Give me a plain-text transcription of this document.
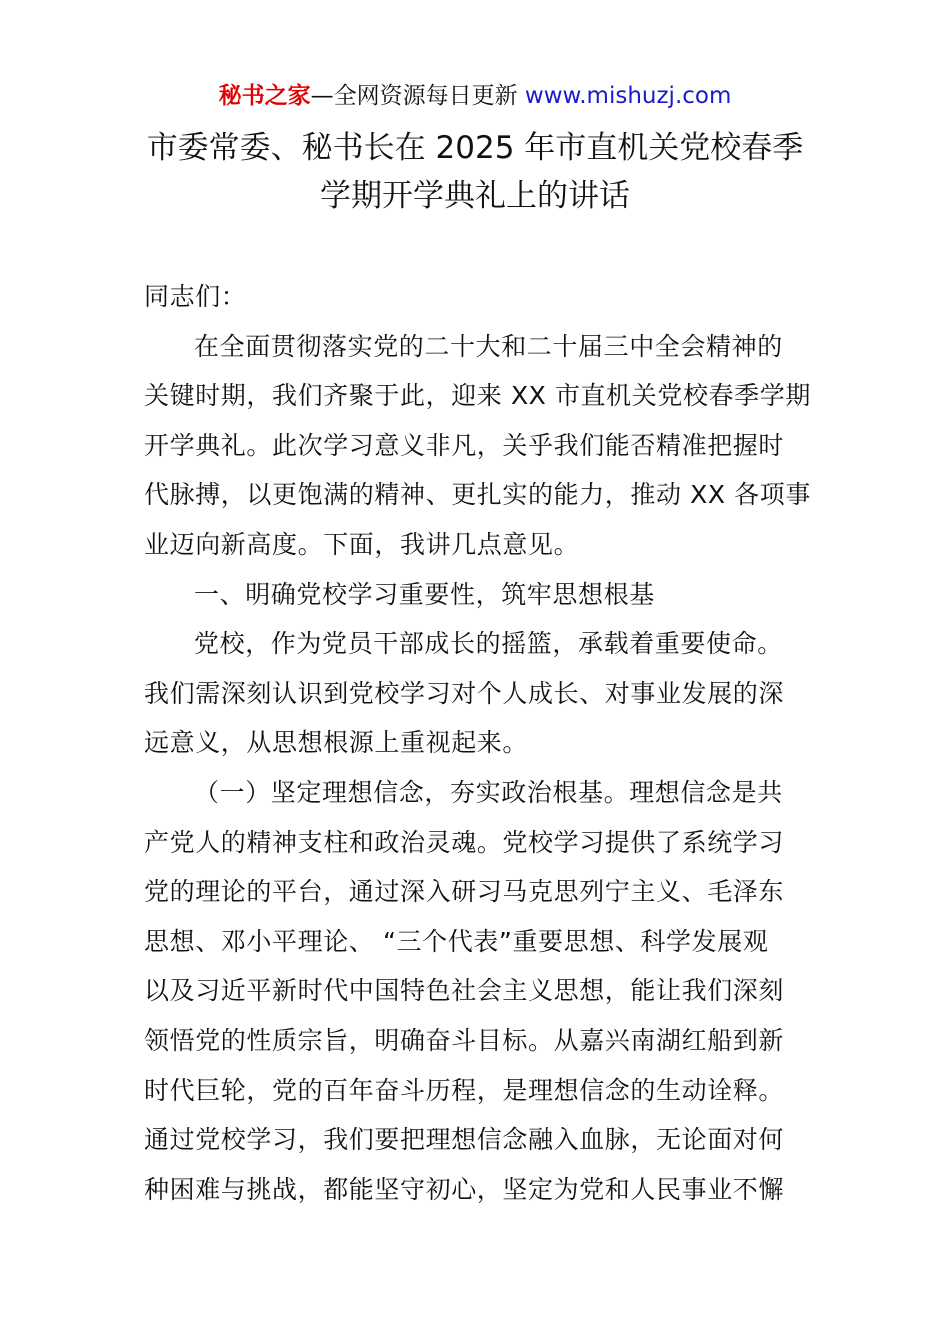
秘书之家—全网资源每日更新 www.mishuzj.com
市委常委、秘书长在 2025 年市直机关党校春季
学期开学典礼上的讲话
同志们：
在全面贯彻落实党的二十大和二十届三中全会精神的
关键时期，我们齐聚于此，迎来 XX 市直机关党校春季学期
开学典礼。此次学习意义非凡，关乎我们能否精准把握时
代脉搏，以更饱满的精神、更扎实的能力，推动 XX 各项事
业迈向新高度。下面，我讲几点意见。
一、明确党校学习重要性，筑牢思想根基
党校，作为党员干部成长的摇篮，承载着重要使命。
我们需深刻认识到党校学习对个人成长、对事业发展的深
远意义，从思想根源上重视起来。
（一）坚定理想信念，夯实政治根基。理想信念是共
产党人的精神支柱和政治灵魂。党校学习提供了系统学习
党的理论的平台，通过深入研习马克思列宁主义、毛泽东
思想、邓小平理论、 “三个代表”重要思想、科学发展观
以及习近平新时代中国特色社会主义思想，能让我们深刻
领悟党的性质宗旨，明确奋斗目标。从嘉兴南湖红船到新
时代巨轮，党的百年奋斗历程，是理想信念的生动诠释。
通过党校学习，我们要把理想信念融入血脉，无论面对何
种困难与挑战，都能坚守初心，坚定为党和人民事业不懈
